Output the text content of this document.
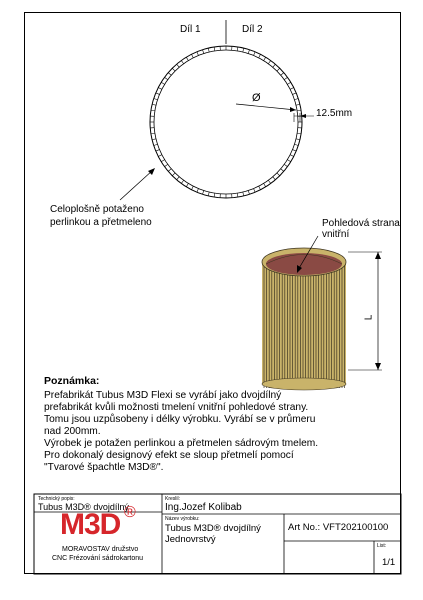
Díl 1	Díl 2
Ø
12.5mm
Celoplošně potaženo
perlinkou a přetmeleno	Pohledová strana
vnitřní
L
Poznámka:
Prefabrikát Tubus M3D Flexi se vyrábí jako dvojdílný
prefabrikát kvůli možnosti tmelení vnitřní pohledové strany.
Tomu jsou uzpůsobeny i délky výrobku. Vyrábí se v průmeru
nad 200mm.
Výrobek je potažen perlinkou a přetmelen sádrovým tmelem.
Pro dokonalý designový efekt se sloup přetmelí pomocí
"Tvarové špachtle M3D®".
Technický popis:
Tubus M3D® dvojdílný
Kreslil:
Ing.Jozef Kolibab
Název výrobku:
Tubus M3D® dvojdílný
Jednovrstvý
Art No.: VFT202100100
List:
1/1
M3D ®
MORAVOSTAV družstvo
CNC Frézování sádrokartonu
